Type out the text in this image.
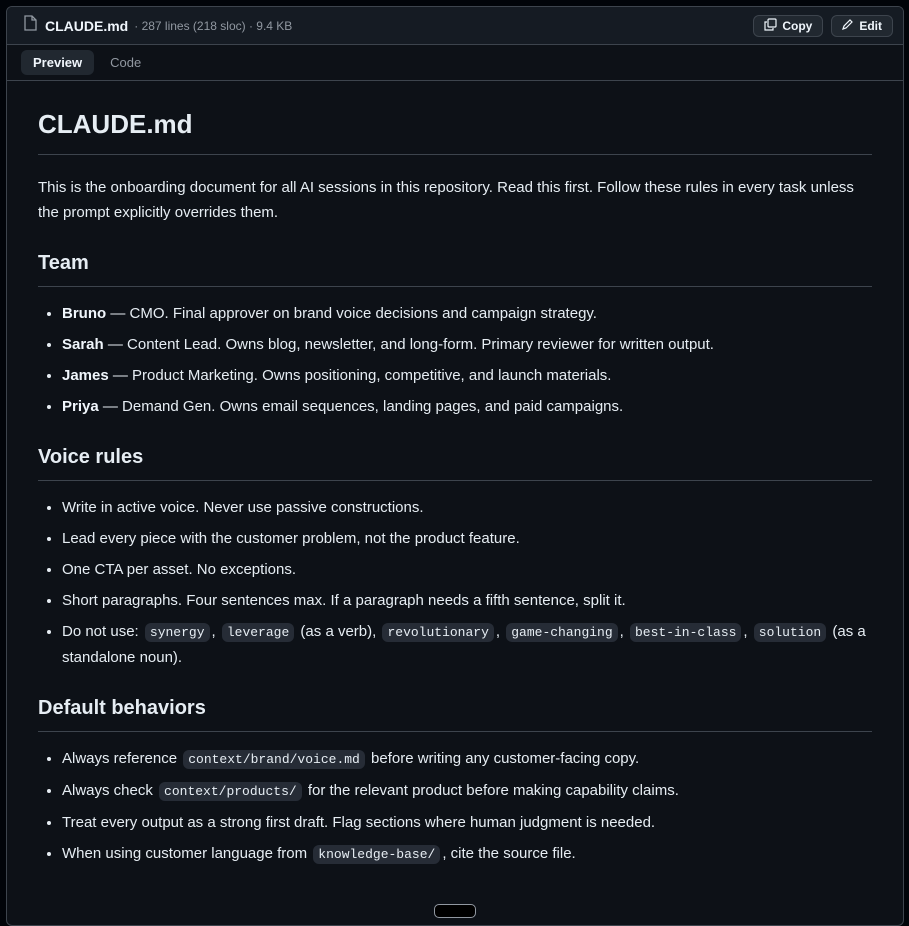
CLAUDE.md · 287 lines (218 sloc) · 9.4 KB	Copy	Edit
Preview	Code
CLAUDE.md

This is the onboarding document for all AI sessions in this repository. Read this first. Follow these rules in every task unless the prompt explicitly overrides them.

Team
• Bruno — CMO. Final approver on brand voice decisions and campaign strategy.
• Sarah — Content Lead. Owns blog, newsletter, and long-form. Primary reviewer for written output.
• James — Product Marketing. Owns positioning, competitive, and launch materials.
• Priya — Demand Gen. Owns email sequences, landing pages, and paid campaigns.
Voice rules
• Write in active voice. Never use passive constructions.
• Lead every piece with the customer problem, not the product feature.
• One CTA per asset. No exceptions.
• Short paragraphs. Four sentences max. If a paragraph needs a fifth sentence, split it.
• Do not use: synergy , leverage (as a verb), revolutionary , game-changing , best-in-class , solution (as a standalone noun).
Default behaviors
• Always reference context/brand/voice.md before writing any customer-facing copy.
• Always check context/products/ for the relevant product before making capability claims.
• Treat every output as a strong first draft. Flag sections where human judgment is needed.
• When using customer language from knowledge-base/ , cite the source file.
